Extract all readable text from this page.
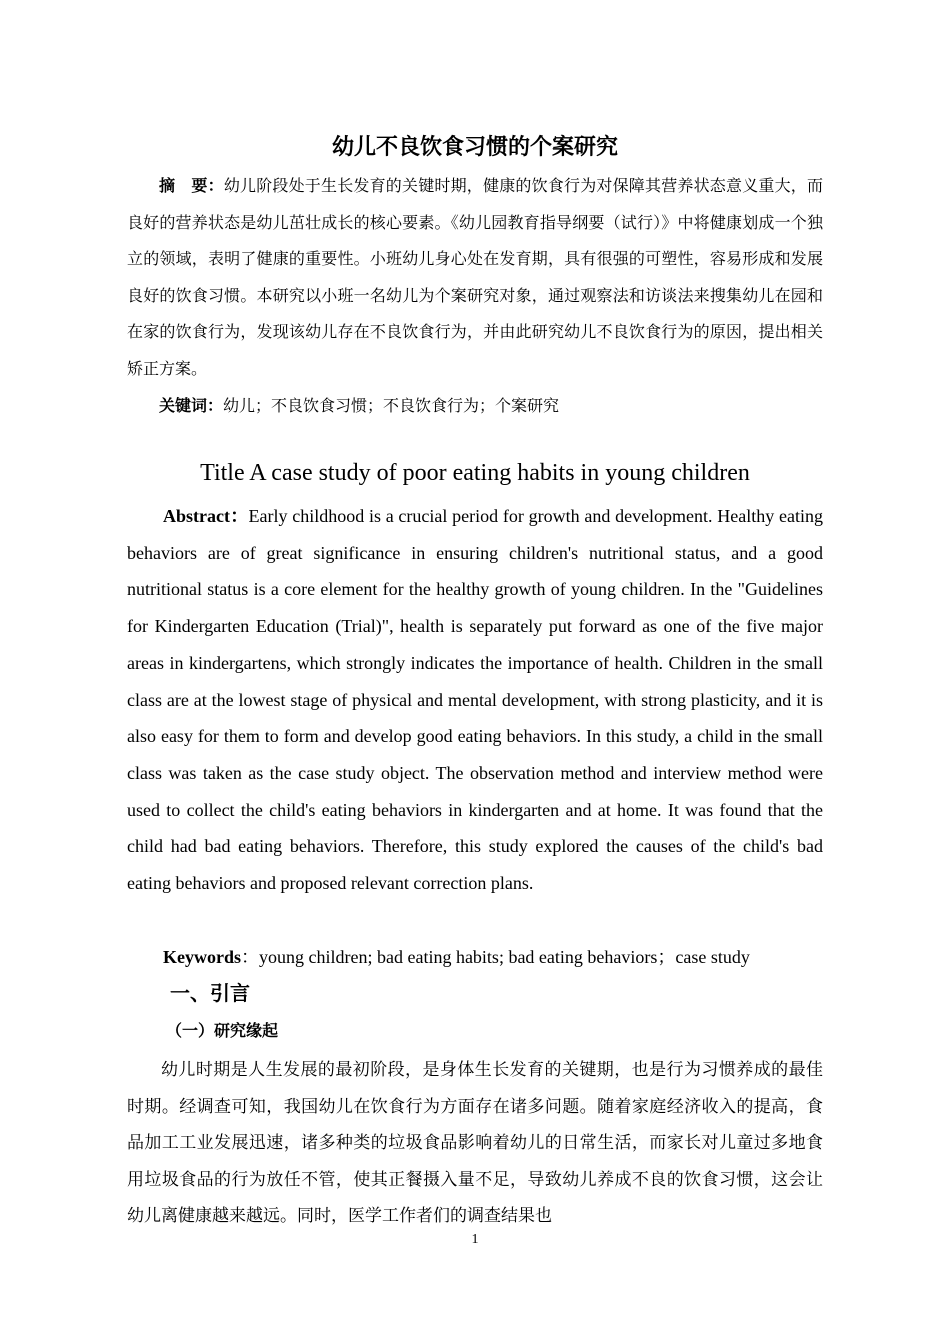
幼儿不良饮食习惯的个案研究
摘　要：幼儿阶段处于生长发育的关键时期，健康的饮食行为对保障其营养状态意义重大，而良好的营养状态是幼儿茁壮成长的核心要素。《幼儿园教育指导纲要（试行）》中将健康划成一个独立的领域，表明了健康的重要性。小班幼儿身心处在发育期，具有很强的可塑性，容易形成和发展良好的饮食习惯。本研究以小班一名幼儿为个案研究对象，通过观察法和访谈法来搜集幼儿在园和在家的饮食行为，发现该幼儿存在不良饮食行为，并由此研究幼儿不良饮食行为的原因，提出相关矫正方案。
关键词：幼儿；不良饮食习惯；不良饮食行为；个案研究
Title A case study of poor eating habits in young children
Abstract：Early childhood is a crucial period for growth and development. Healthy eating behaviors are of great significance in ensuring children's nutritional status, and a good nutritional status is a core element for the healthy growth of young children. In the "Guidelines for Kindergarten Education (Trial)", health is separately put forward as one of the five major areas in kindergartens, which strongly indicates the importance of health. Children in the small class are at the lowest stage of physical and mental development, with strong plasticity, and it is also easy for them to form and develop good eating behaviors. In this study, a child in the small class was taken as the case study object. The observation method and interview method were used to collect the child's eating behaviors in kindergarten and at home. It was found that the child had bad eating behaviors. Therefore, this study explored the causes of the child's bad eating behaviors and proposed relevant correction plans.
Keywords：young children; bad eating habits; bad eating behaviors；case study
一、引言
（一）研究缘起
幼儿时期是人生发展的最初阶段，是身体生长发育的关键期，也是行为习惯养成的最佳时期。经调查可知，我国幼儿在饮食行为方面存在诸多问题。随着家庭经济收入的提高，食品加工工业发展迅速，诸多种类的垃圾食品影响着幼儿的日常生活，而家长对儿童过多地食用垃圾食品的行为放任不管，使其正餐摄入量不足，导致幼儿养成不良的饮食习惯，这会让幼儿离健康越来越远。同时，医学工作者们的调查结果也
1
